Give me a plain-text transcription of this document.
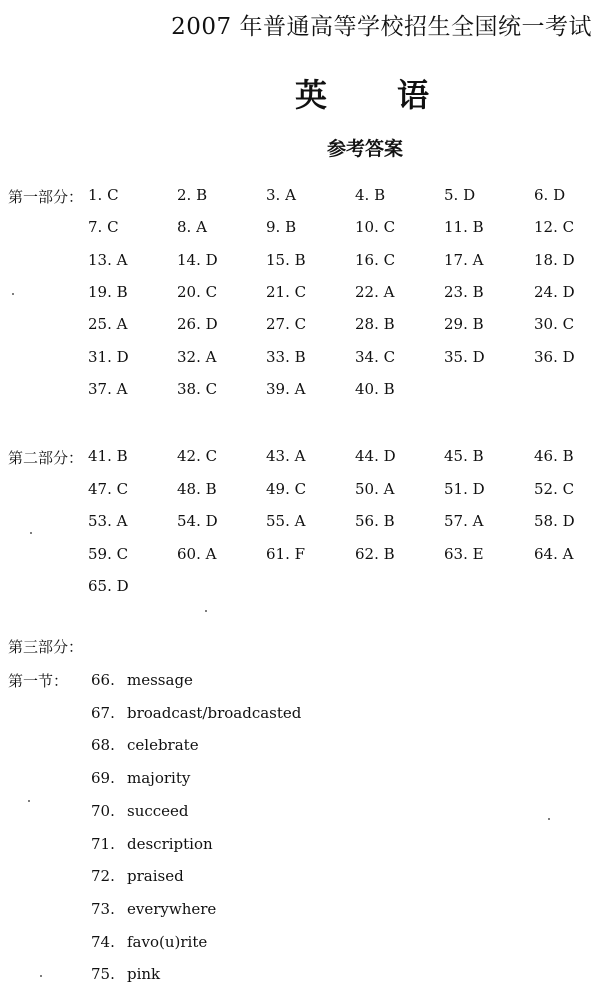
2007 年普通高等学校招生全国统一考试
英 语
参考答案
第一部分： 1. C	2. B	3. A	4. B	5. D	6. D
7. C	8. A	9. B	10. C	11. B	12. C
13. A	14. D	15. B	16. C	17. A	18. D
19. B	20. C	21. C	22. A	23. B	24. D
25. A	26. D	27. C	28. B	29. B	30. C
31. D	32. A	33. B	34. C	35. D	36. D
37. A	38. C	39. A	40. B
第二部分： 41. B	42. C	43. A	44. D	45. B	46. B
47. C	48. B	49. C	50. A	51. D	52. C
53. A	54. D	55. A	56. B	57. A	58. D
59. C	60. A	61. F	62. B	63. E	64. A
65. D
第三部分：
第一节： 66. message
67. broadcast/broadcasted
68. celebrate
69. majority
70. succeed
71. description
72. praised
73. everywhere
74. favo(u)rite
75. pink
